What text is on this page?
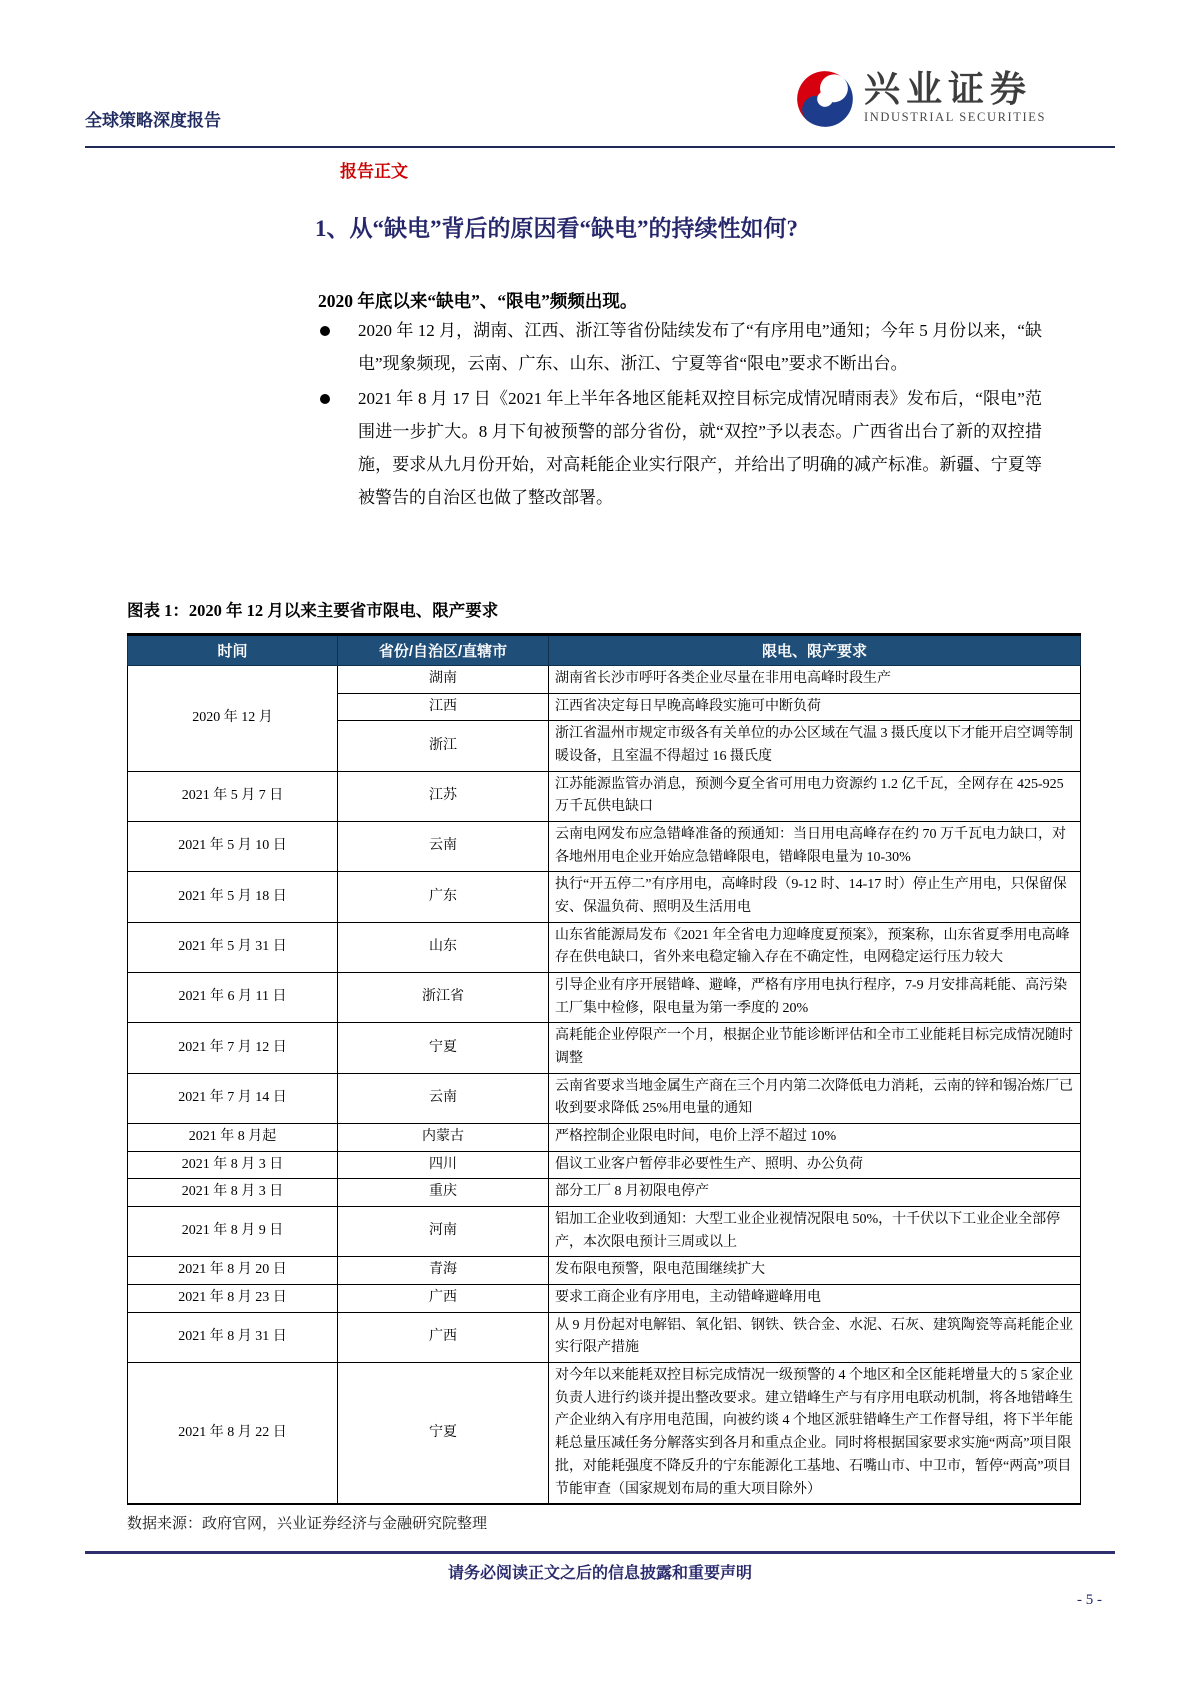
全球策略深度报告
兴业证券
INDUSTRIAL SECURITIES
报告正文
1、从“缺电”背后的原因看“缺电”的持续性如何?

2020 年底以来“缺电”、“限电”频频出现。

2020 年 12 月，湖南、江西、浙江等省份陆续发布了“有序用电”通知；今年 5 月份以来，“缺电”现象频现，云南、广东、山东、浙江、宁夏等省“限电”要求不断出台。
2021 年 8 月 17 日《2021 年上半年各地区能耗双控目标完成情况晴雨表》发布后，“限电”范围进一步扩大。8 月下旬被预警的部分省份，就“双控”予以表态。广西省出台了新的双控措施，要求从九月份开始，对高耗能企业实行限产，并给出了明确的减产标准。新疆、宁夏等被警告的自治区也做了整改部署。
图表 1：2020 年 12 月以来主要省市限电、限产要求
时间	省份/自治区/直辖市	限电、限产要求
2020 年 12 月	湖南	湖南省长沙市呼吁各类企业尽量在非用电高峰时段生产
	江西	江西省决定每日早晚高峰段实施可中断负荷
	浙江	浙江省温州市规定市级各有关单位的办公区域在气温 3 摄氏度以下才能开启空调等制暖设备，且室温不得超过 16 摄氏度
2021 年 5 月 7 日	江苏	江苏能源监管办消息，预测今夏全省可用电力资源约 1.2 亿千瓦，全网存在 425-925 万千瓦供电缺口
2021 年 5 月 10 日	云南	云南电网发布应急错峰准备的预通知：当日用电高峰存在约 70 万千瓦电力缺口，对各地州用电企业开始应急错峰限电，错峰限电量为 10-30%
2021 年 5 月 18 日	广东	执行“开五停二”有序用电，高峰时段（9-12 时、14-17 时）停止生产用电，只保留保安、保温负荷、照明及生活用电
2021 年 5 月 31 日	山东	山东省能源局发布《2021 年全省电力迎峰度夏预案》，预案称，山东省夏季用电高峰存在供电缺口，省外来电稳定输入存在不确定性，电网稳定运行压力较大
2021 年 6 月 11 日	浙江省	引导企业有序开展错峰、避峰，严格有序用电执行程序，7-9 月安排高耗能、高污染工厂集中检修，限电量为第一季度的 20%
2021 年 7 月 12 日	宁夏	高耗能企业停限产一个月，根据企业节能诊断评估和全市工业能耗目标完成情况随时调整
2021 年 7 月 14 日	云南	云南省要求当地金属生产商在三个月内第二次降低电力消耗，云南的锌和锡冶炼厂已收到要求降低 25%用电量的通知
2021 年 8 月起	内蒙古	严格控制企业限电时间，电价上浮不超过 10%
2021 年 8 月 3 日	四川	倡议工业客户暂停非必要性生产、照明、办公负荷
2021 年 8 月 3 日	重庆	部分工厂 8 月初限电停产
2021 年 8 月 9 日	河南	铝加工企业收到通知：大型工业企业视情况限电 50%，十千伏以下工业企业全部停产，本次限电预计三周或以上
2021 年 8 月 20 日	青海	发布限电预警，限电范围继续扩大
2021 年 8 月 23 日	广西	要求工商企业有序用电，主动错峰避峰用电
2021 年 8 月 31 日	广西	从 9 月份起对电解铝、氧化铝、钢铁、铁合金、水泥、石灰、建筑陶瓷等高耗能企业实行限产措施
2021 年 8 月 22 日	宁夏	对今年以来能耗双控目标完成情况一级预警的 4 个地区和全区能耗增量大的 5 家企业负责人进行约谈并提出整改要求。建立错峰生产与有序用电联动机制，将各地错峰生产企业纳入有序用电范围，向被约谈 4 个地区派驻错峰生产工作督导组，将下半年能耗总量压减任务分解落实到各月和重点企业。同时将根据国家要求实施“两高”项目限批，对能耗强度不降反升的宁东能源化工基地、石嘴山市、中卫市，暂停“两高”项目节能审查（国家规划布局的重大项目除外）
数据来源：政府官网，兴业证券经济与金融研究院整理
请务必阅读正文之后的信息披露和重要声明
- 5 -
